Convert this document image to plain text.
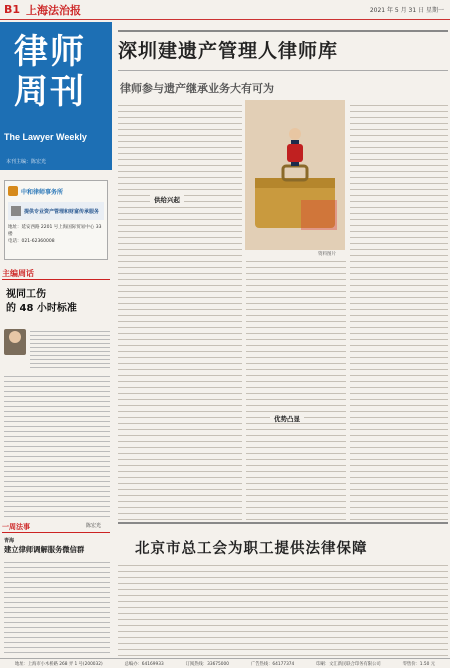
B1 上海法治报	2021 年 5 月 31 日 星期一
律师
周刊
The Lawyer Weekly
本刊主编：陈宏光
中和律师事务所
提供专业资产管理和财富传承服务
地址：延安西路 2201 号上海国际贸易中心 33 楼
电话：021-62360008
主编周话
视同工伤
的 48 小时标准
陈宏光
深圳建遗产管理人律师库
律师参与遗产继承业务大有可为
资料图片
供给兴起
优势凸显
北京市总工会为职工提供法律保障
一周法事
青海
建立律师调解服务微信群
地址：上海市小木桥路 268 弄 1 号(200032)	总编办：64169933	订阅热线：33675000	广告热线：64177374	印刷：文汇新民联合印务有限公司	零售价：1.50 元
